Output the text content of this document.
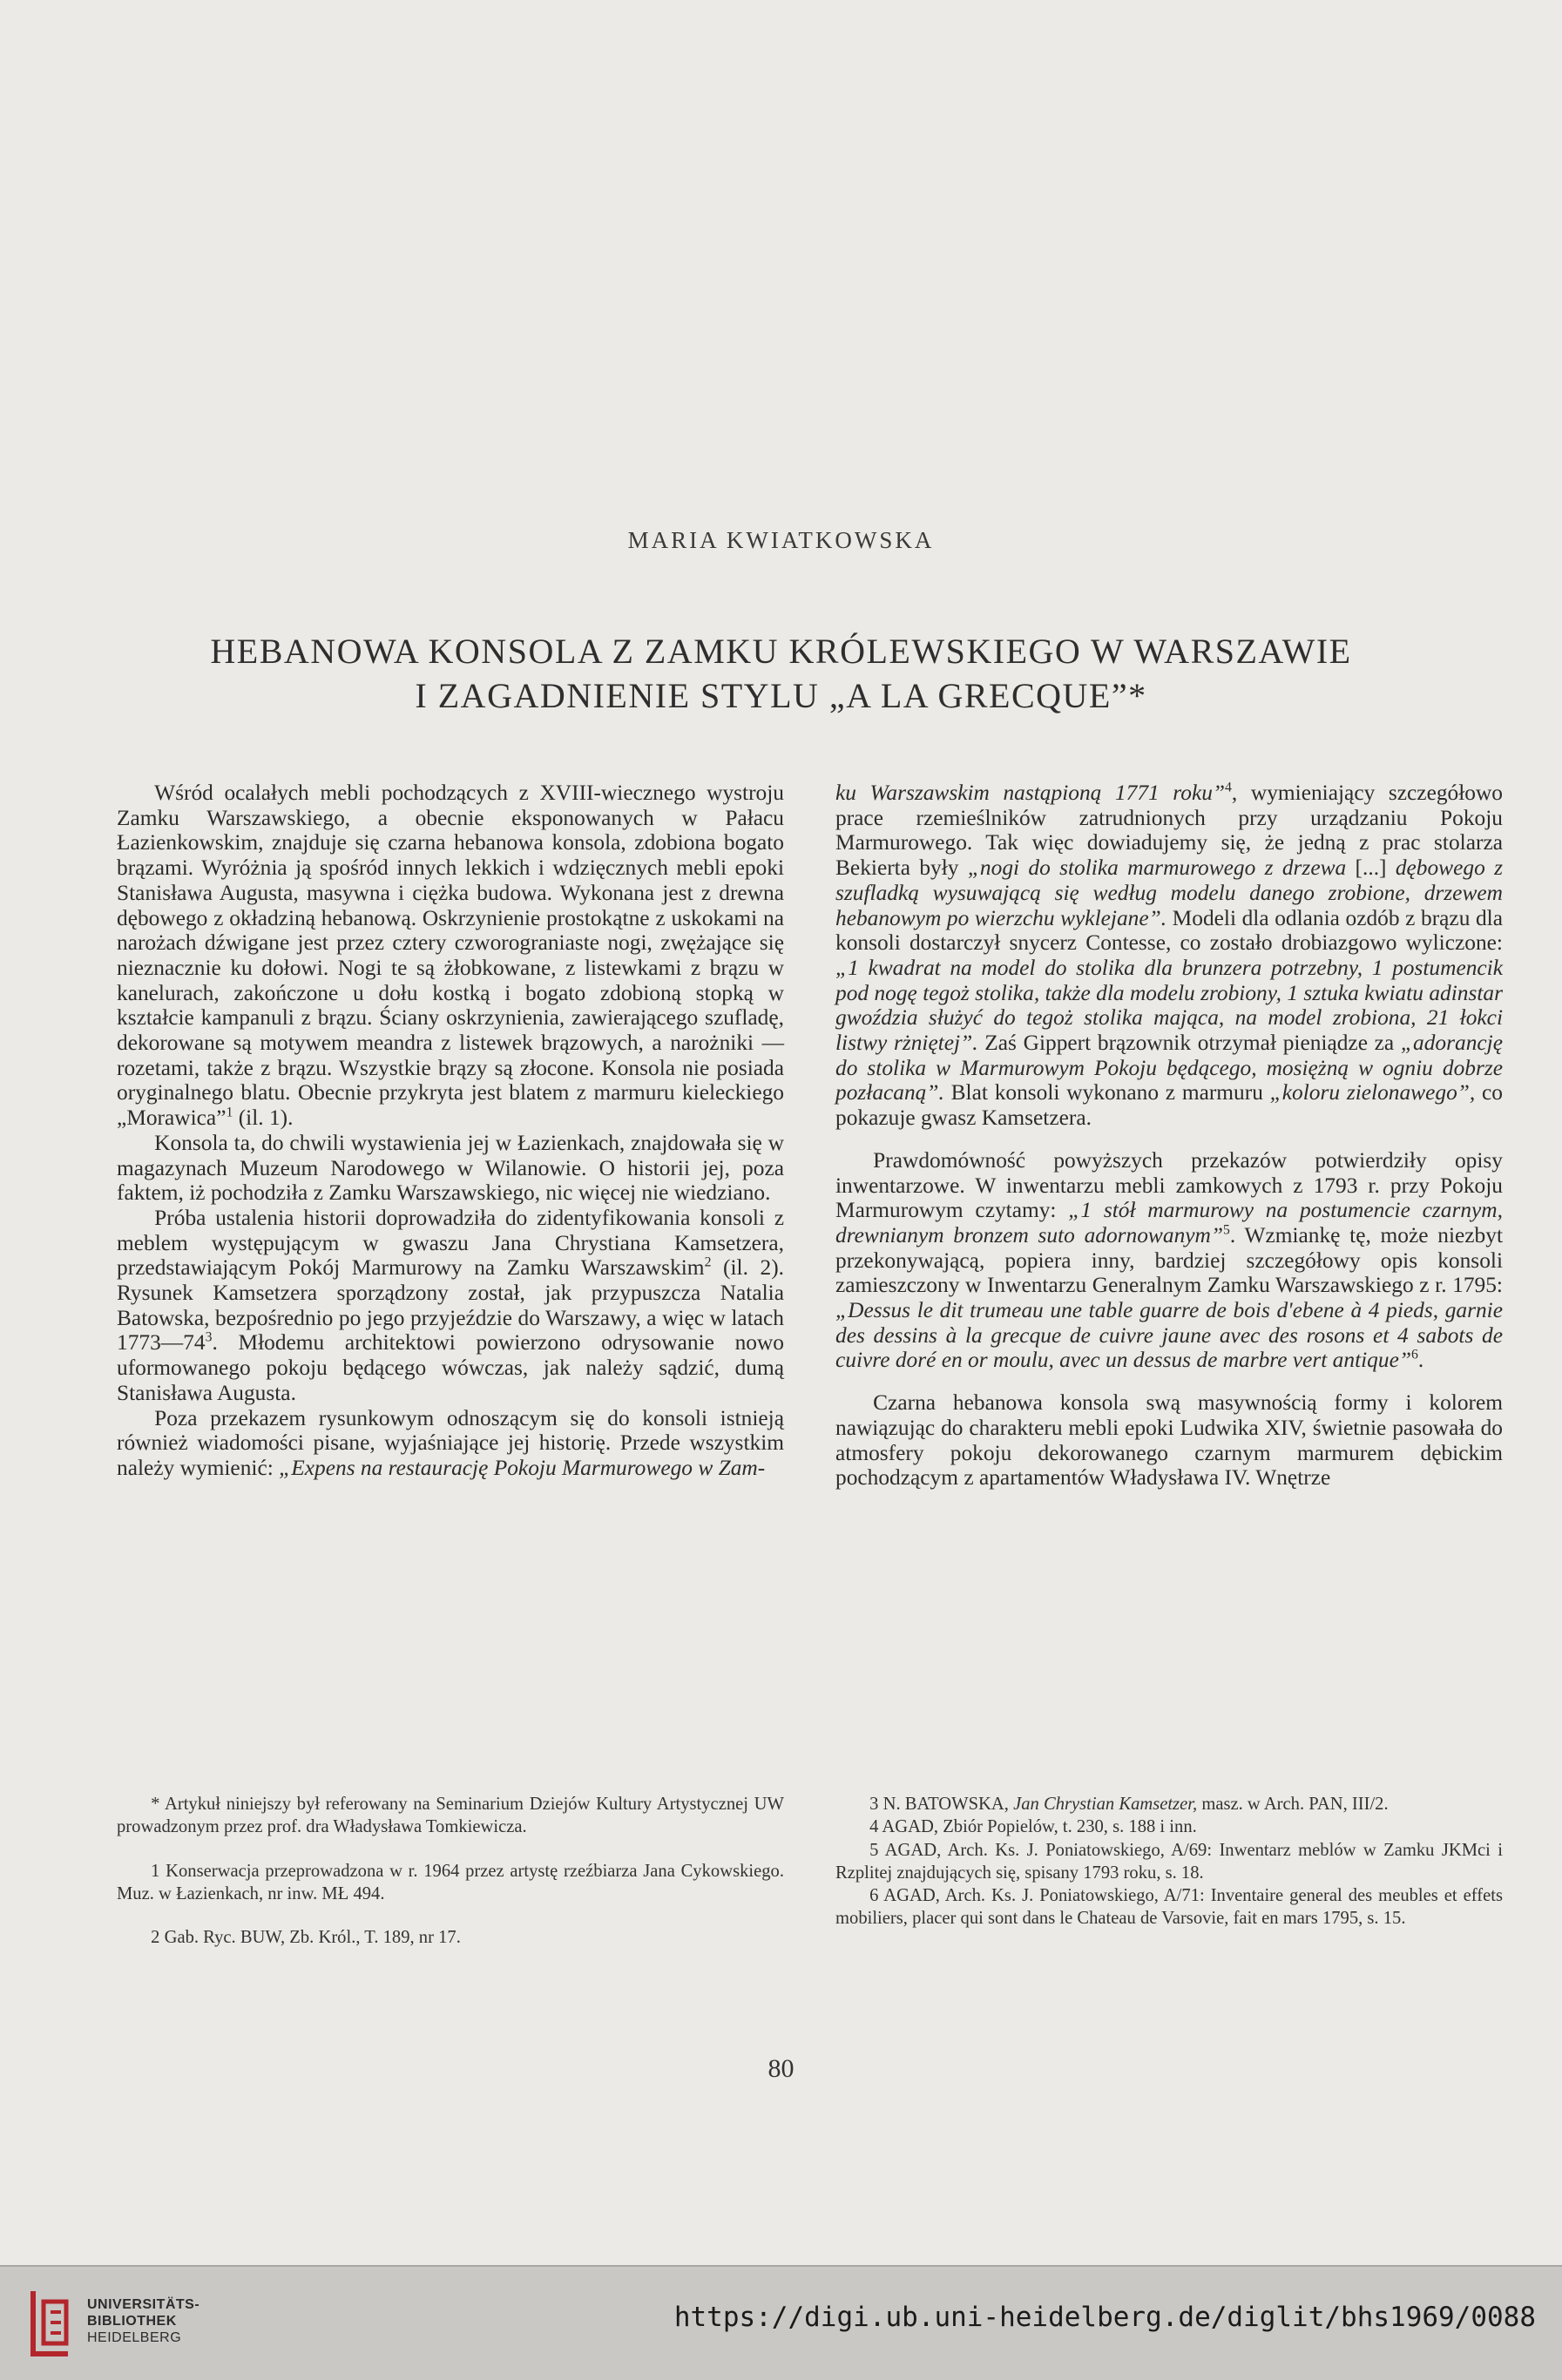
MARIA KWIATKOWSKA
HEBANOWA KONSOLA Z ZAMKU KRÓLEWSKIEGO W WARSZAWIE
I ZAGADNIENIE STYLU „A LA GRECQUE”*

Wśród ocalałych mebli pochodzących z XVIII-wiecznego wystroju Zamku Warszawskiego, a obecnie eksponowanych w Pałacu Łazienkowskim, znajduje się czarna hebanowa konsola, zdobiona bogato brązami. Wyróżnia ją spośród innych lekkich i wdzięcznych mebli epoki Stanisława Augusta, masywna i ciężka budowa. Wykonana jest z drewna dębowego z okładziną hebanową. Oskrzynienie prostokątne z uskokami na narożach dźwigane jest przez cztery czworograniaste nogi, zwężające się nieznacznie ku dołowi. Nogi te są żłobkowane, z listewkami z brązu w kanelurach, zakończone u dołu kostką i bogato zdobioną stopką w kształcie kampanuli z brązu. Ściany oskrzynienia, zawierającego szufladę, dekorowane są motywem meandra z listewek brązowych, a narożniki — rozetami, także z brązu. Wszystkie brązy są złocone. Konsola nie posiada oryginalnego blatu. Obecnie przykryta jest blatem z marmuru kieleckiego „Morawica”$^1$ (il. 1).

Konsola ta, do chwili wystawienia jej w Łazienkach, znajdowała się w magazynach Muzeum Narodowego w Wilanowie. O historii jej, poza faktem, iż pochodziła z Zamku Warszawskiego, nic więcej nie wiedziano.

Próba ustalenia historii doprowadziła do zidentyfikowania konsoli z meblem występującym w gwaszu Jana Chrystiana Kamsetzera, przedstawiającym Pokój Marmurowy na Zamku Warszawskim$^2$ (il. 2). Rysunek Kamsetzera sporządzony został, jak przypuszcza Natalia Batowska, bezpośrednio po jego przyjeździe do Warszawy, a więc w latach $1773—74^3$. Młodemu architektowi powierzono odrysowanie nowo uformowanego pokoju będącego wówczas, jak należy sądzić, dumą Stanisława Augusta.

Poza przekazem rysunkowym odnoszącym się do konsoli istnieją również wiadomości pisane, wyjaśniające jej historię. Przede wszystkim należy wymienić: „Expens na restaurację Pokoju Marmurowego w Zam-

ku Warszawskim nastąpioną 1771 roku”$^4$, wymieniający szczegółowo prace rzemieślników zatrudnionych przy urządzaniu Pokoju Marmurowego. Tak więc dowiadujemy się, że jedną z prac stolarza Bekierta były „nogi do stolika marmurowego z drzewa [...] dębowego z szufladką wysuwającą się według modelu danego zrobione, drzewem hebanowym po wierzchu wyklejane”. Modeli dla odlania ozdób z brązu dla konsoli dostarczył snycerz Contesse, co zostało drobiazgowo wyliczone: „1 kwadrat na model do stolika dla brunzera potrzebny, 1 postumencik pod nogę tegoż stolika, także dla modelu zrobiony, 1 sztuka kwiatu adinstar gwoździa służyć do tegoż stolika mająca, na model zrobiona, 21 łokci listwy rżniętej”. Zaś Gippert brązownik otrzymał pieniądze za „adorancję do stolika w Marmurowym Pokoju będącego, mosiężną w ogniu dobrze pozłacaną”. Blat konsoli wykonano z marmuru „koloru zielonawego”, co pokazuje gwasz Kamsetzera.

Prawdomówność powyższych przekazów potwierdziły opisy inwentarzowe. W inwentarzu mebli zamkowych z 1793 r. przy Pokoju Marmurowym czytamy: „1 stół marmurowy na postumencie czarnym, drewnianym bronzem suto adornowanym”$^5$. Wzmiankę tę, może niezbyt przekonywającą, popiera inny, bardziej szczegółowy opis konsoli zamieszczony w Inwentarzu Generalnym Zamku Warszawskiego z r. 1795: „Dessus le dit trumeau une table guarre de bois d'ebene à 4 pieds, garnie des dessins à la grecque de cuivre jaune avec des rosons et 4 sabots de cuivre doré en or moulu, avec un dessus de marbre vert antique”$^6$.

Czarna hebanowa konsola swą masywnością formy i kolorem nawiązując do charakteru mebli epoki Ludwika XIV, świetnie pasowała do atmosfery pokoju dekorowanego czarnym marmurem dębickim pochodzącym z apartamentów Władysława IV. Wnętrze

* Artykuł niniejszy był referowany na Seminarium Dziejów Kultury Artystycznej UW prowadzonym przez prof. dra Władysława Tomkiewicza.

1 Konserwacja przeprowadzona w r. 1964 przez artystę rzeźbiarza Jana Cykowskiego. Muz. w Łazienkach, nr inw. MŁ 494.

2 Gab. Ryc. BUW, Zb. Król., T. 189, nr 17.

3 N. BATOWSKA, Jan Chrystian Kamsetzer, masz. w Arch. PAN, III/2.

4 AGAD, Zbiór Popielów, t. 230, s. 188 i inn.

5 AGAD, Arch. Ks. J. Poniatowskiego, A/69: Inwentarz meblów w Zamku JKMci i Rzplitej znajdujących się, spisany 1793 roku, s. 18.

6 AGAD, Arch. Ks. J. Poniatowskiego, A/71: Inventaire general des meubles et effets mobiliers, placer qui sont dans le Chateau de Varsovie, fait en mars 1795, s. 15.

80
UNIVERSITÄTS-
BIBLIOTHEK
HEIDELBERG
https://digi.ub.uni-heidelberg.de/diglit/bhs1969/0088
